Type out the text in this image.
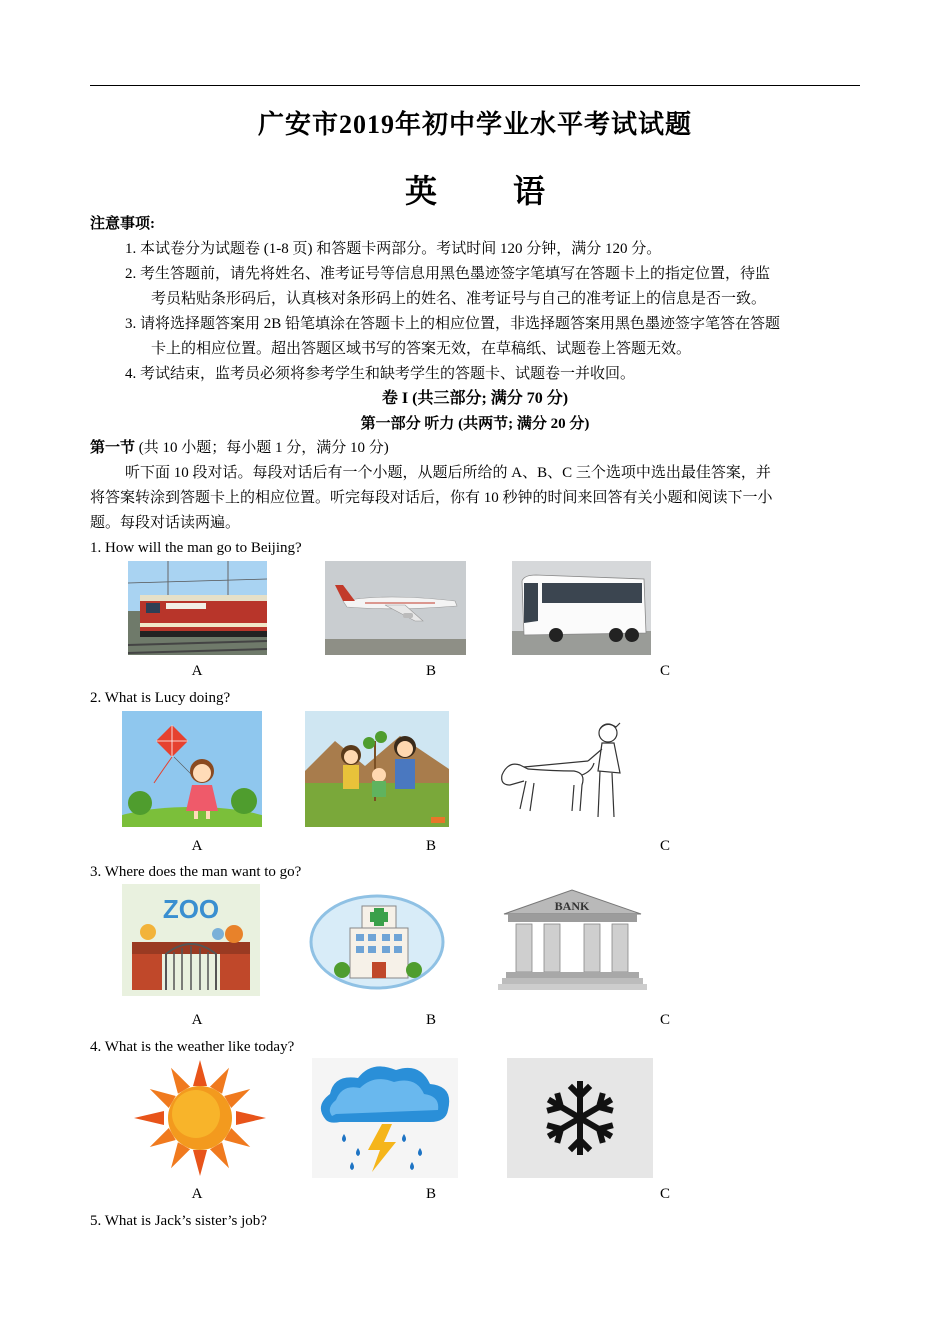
广安市2019年初中学业水平考试试题
英 语
注意事项:
1. 本试卷分为试题卷 (1-8 页) 和答题卡两部分。考试时间 120 分钟，满分 120 分。
2. 考生答题前，请先将姓名、准考证号等信息用黑色墨迹签字笔填写在答题卡上的指定位置，待监
考员粘贴条形码后，认真核对条形码上的姓名、准考证号与自己的准考证上的信息是否一致。
3. 请将选择题答案用 2B 铅笔填涂在答题卡上的相应位置，非选择题答案用黑色墨迹签字笔答在答题
卡上的相应位置。超出答题区域书写的答案无效，在草稿纸、试题卷上答题无效。
4. 考试结束，监考员必须将参考学生和缺考学生的答题卡、试题卷一并收回。
卷 I (共三部分; 满分 70 分)
第一部分 听力 (共两节; 满分 20 分)
第一节 (共 10 小题；每小题 1 分，满分 10 分)
听下面 10 段对话。每段对话后有一个小题，从题后所给的 A、B、C 三个选项中选出最佳答案，并
将答案转涂到答题卡上的相应位置。听完每段对话后，你有 10 秒钟的时间来回答有关小题和阅读下一小
题。每段对话读两遍。
1. How will the man go to Beijing?
A	B	C
2. What is Lucy doing?
A	B	C
3. Where does the man want to go?
ZOO	BANK
A	B	C
4. What is the weather like today?
A	B	C
5. What is Jack’s sister’s job?
